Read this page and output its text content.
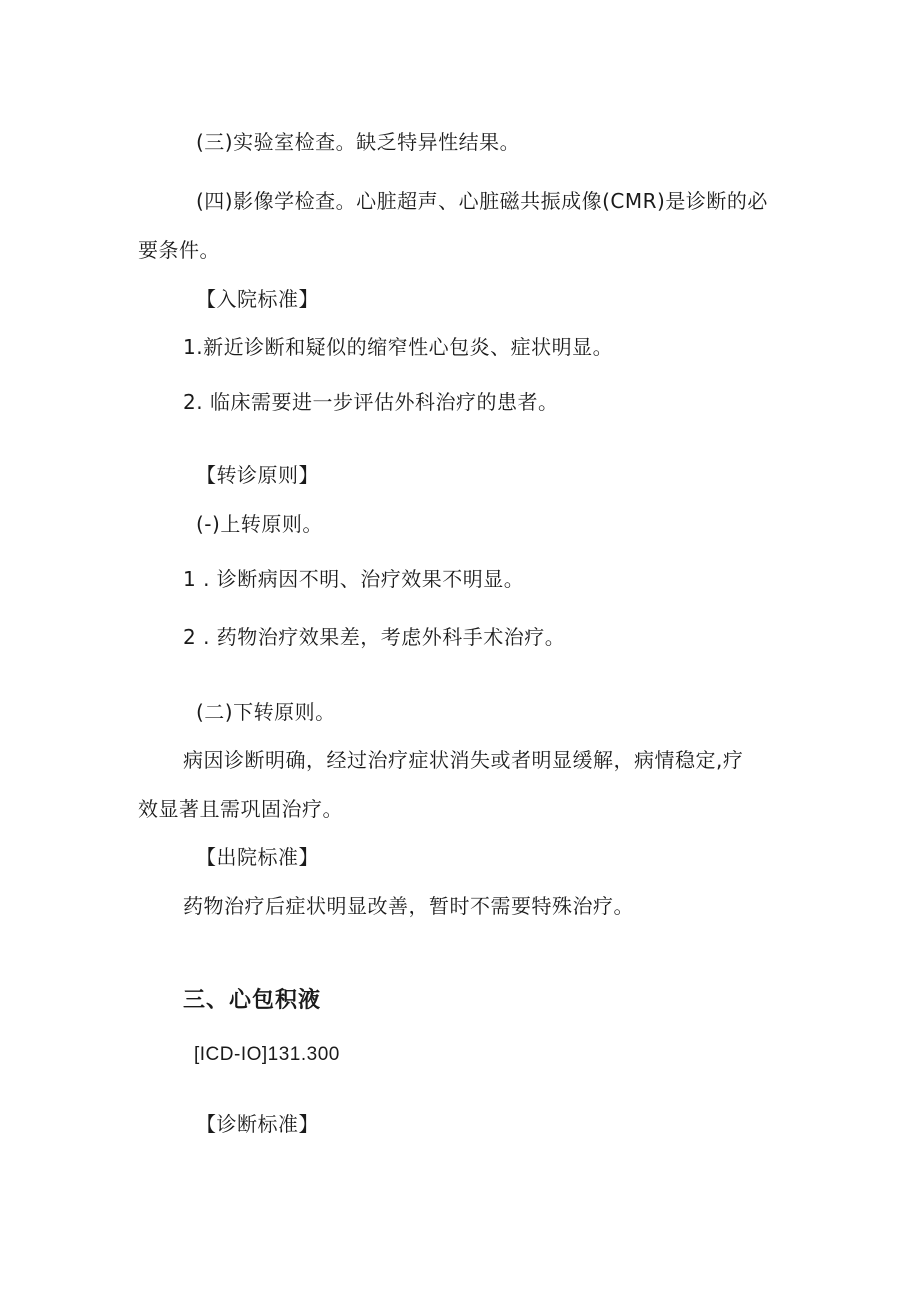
(三)实验室检查。缺乏特异性结果。
(四)影像学检查。心脏超声、心脏磁共振成像(CMR)是诊断的必
要条件。
【入院标准】
1.新近诊断和疑似的缩窄性心包炎、症状明显。
2. 临床需要进一步评估外科治疗的患者。
【转诊原则】
(-)上转原则。
1 . 诊断病因不明、治疗效果不明显。
2 . 药物治疗效果差，考虑外科手术治疗。
(二)下转原则。
病因诊断明确，经过治疗症状消失或者明显缓解，病情稳定,疗
效显著且需巩固治疗。
【出院标准】
药物治疗后症状明显改善，暂时不需要特殊治疗。
三、心包积液
[ICD-IO]131.300
【诊断标准】
